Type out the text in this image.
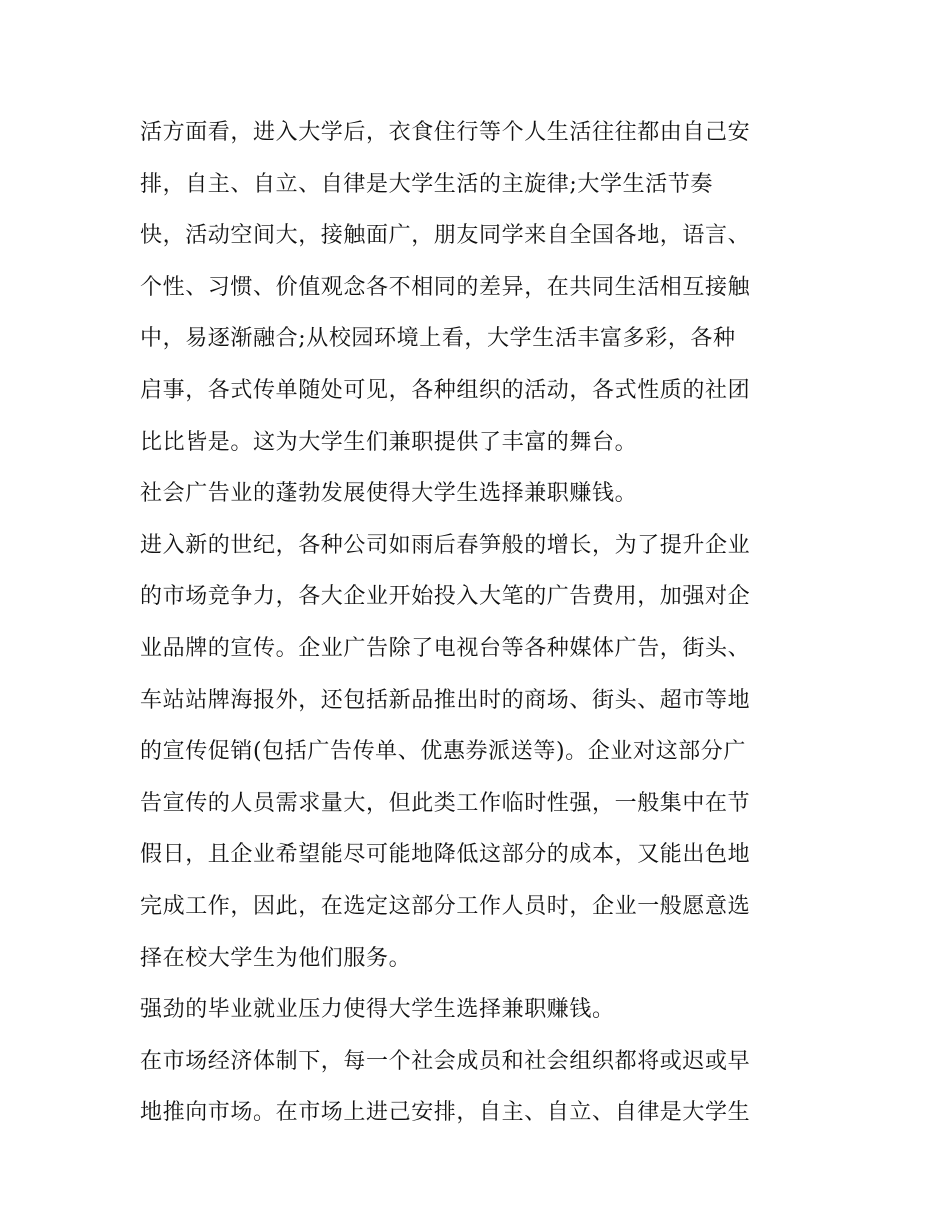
活方面看，进入大学后，衣食住行等个人生活往往都由自己安
排，自主、自立、自律是大学生活的主旋律;大学生活节奏
快，活动空间大，接触面广，朋友同学来自全国各地，语言、
个性、习惯、价值观念各不相同的差异，在共同生活相互接触
中，易逐渐融合;从校园环境上看，大学生活丰富多彩，各种
启事，各式传单随处可见，各种组织的活动，各式性质的社团
比比皆是。这为大学生们兼职提供了丰富的舞台。
社会广告业的蓬勃发展使得大学生选择兼职赚钱。
进入新的世纪，各种公司如雨后春笋般的增长，为了提升企业
的市场竞争力，各大企业开始投入大笔的广告费用，加强对企
业品牌的宣传。企业广告除了电视台等各种媒体广告，街头、
车站站牌海报外，还包括新品推出时的商场、街头、超市等地
的宣传促销(包括广告传单、优惠券派送等)。企业对这部分广
告宣传的人员需求量大，但此类工作临时性强，一般集中在节
假日，且企业希望能尽可能地降低这部分的成本，又能出色地
完成工作，因此，在选定这部分工作人员时，企业一般愿意选
择在校大学生为他们服务。
强劲的毕业就业压力使得大学生选择兼职赚钱。
在市场经济体制下，每一个社会成员和社会组织都将或迟或早
地推向市场。在市场上进己安排，自主、自立、自律是大学生
